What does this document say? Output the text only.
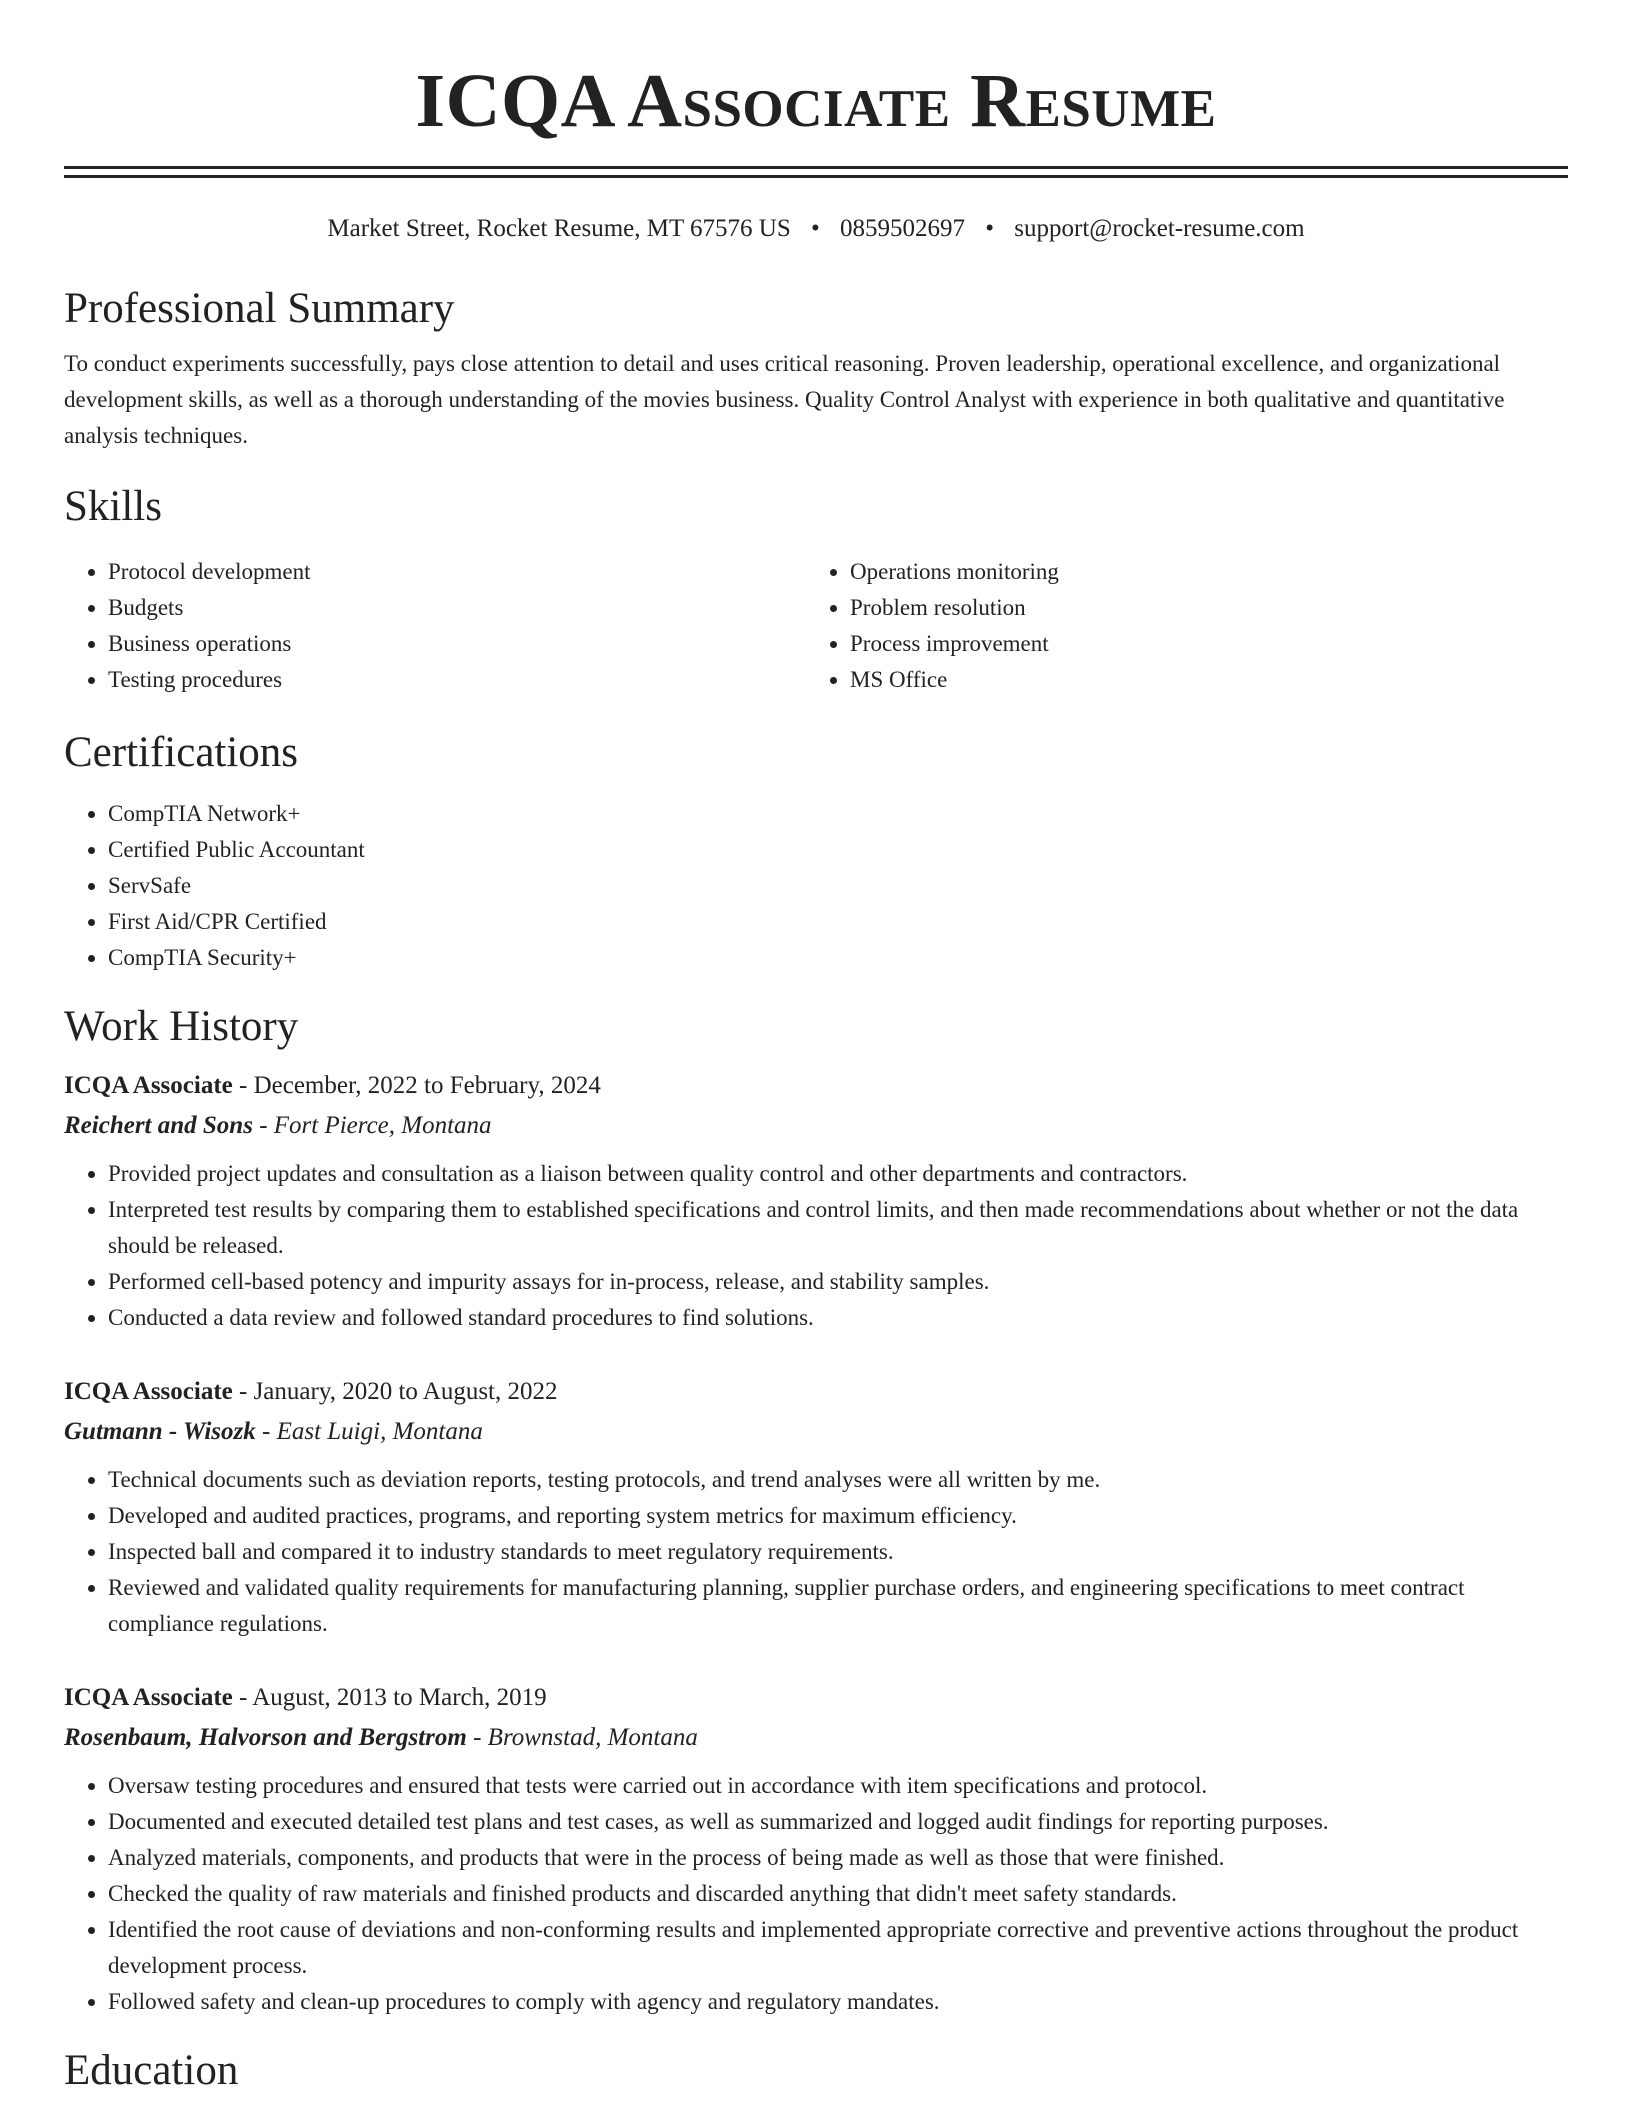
ICQA Associate Resume
Market Street, Rocket Resume, MT 67576 US • 0859502697 • support@rocket-resume.com
Professional Summary

To conduct experiments successfully, pays close attention to detail and uses critical reasoning. Proven leadership, operational excellence, and organizational development skills, as well as a thorough understanding of the movies business. Quality Control Analyst with experience in both qualitative and quantitative analysis techniques.

Skills
• Protocol development
• Budgets
• Business operations
• Testing procedures
• Operations monitoring
• Problem resolution
• Process improvement
• MS Office
Certifications
• CompTIA Network+
• Certified Public Accountant
• ServSafe
• First Aid/CPR Certified
• CompTIA Security+
Work History
ICQA Associate - December, 2022 to February, 2024
Reichert and Sons - Fort Pierce, Montana
• Provided project updates and consultation as a liaison between quality control and other departments and contractors.
• Interpreted test results by comparing them to established specifications and control limits, and then made recommendations about whether or not the data should be released.
• Performed cell-based potency and impurity assays for in-process, release, and stability samples.
• Conducted a data review and followed standard procedures to find solutions.
ICQA Associate - January, 2020 to August, 2022
Gutmann - Wisozk - East Luigi, Montana
• Technical documents such as deviation reports, testing protocols, and trend analyses were all written by me.
• Developed and audited practices, programs, and reporting system metrics for maximum efficiency.
• Inspected ball and compared it to industry standards to meet regulatory requirements.
• Reviewed and validated quality requirements for manufacturing planning, supplier purchase orders, and engineering specifications to meet contract compliance regulations.
ICQA Associate - August, 2013 to March, 2019
Rosenbaum, Halvorson and Bergstrom - Brownstad, Montana
• Oversaw testing procedures and ensured that tests were carried out in accordance with item specifications and protocol.
• Documented and executed detailed test plans and test cases, as well as summarized and logged audit findings for reporting purposes.
• Analyzed materials, components, and products that were in the process of being made as well as those that were finished.
• Checked the quality of raw materials and finished products and discarded anything that didn't meet safety standards.
• Identified the root cause of deviations and non-conforming results and implemented appropriate corrective and preventive actions throughout the product development process.
• Followed safety and clean-up procedures to comply with agency and regulatory mandates.
Education
